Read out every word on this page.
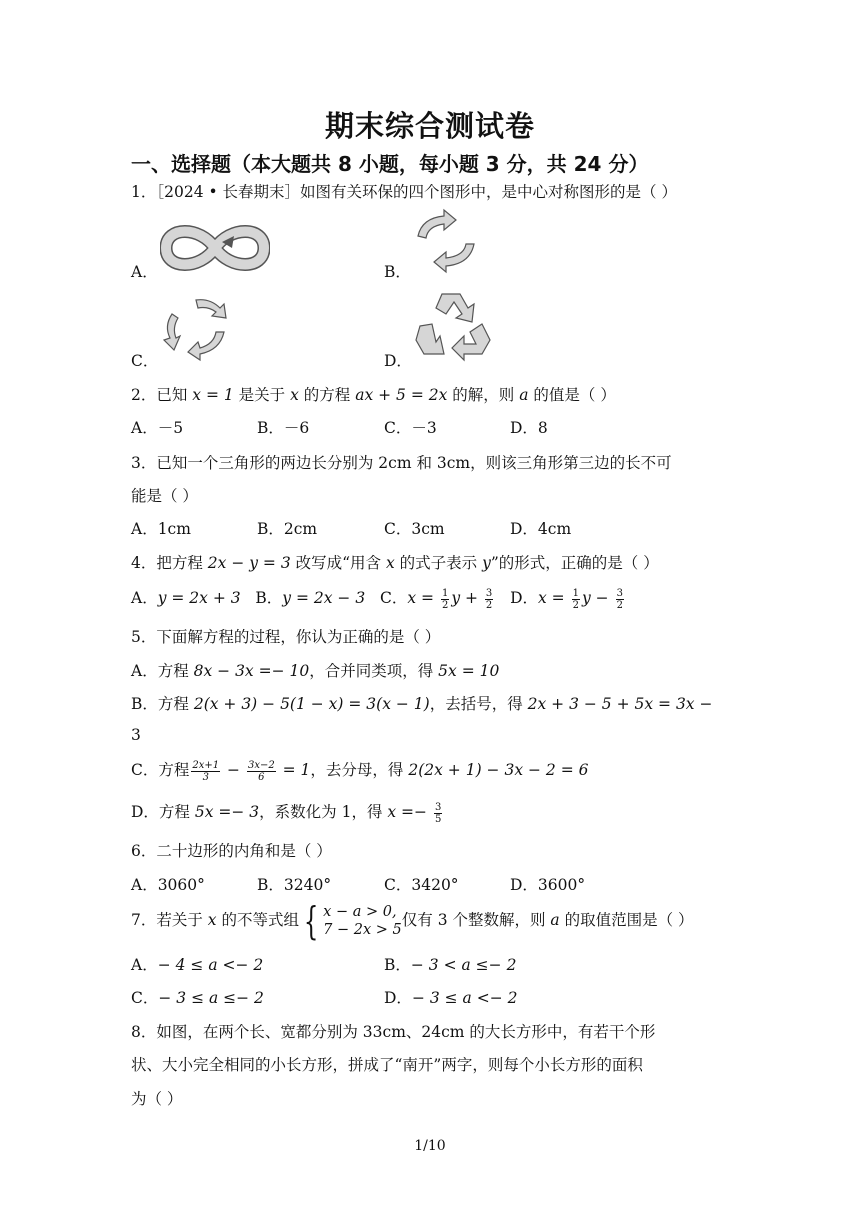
期末综合测试卷
一、选择题（本大题共 8 小题，每小题 3 分，共 24 分）
1．［2024 • 长春期末］如图有关环保的四个图形中，是中心对称图形的是（ ）
A．	B．
C．	D．
2．已知 x = 1 是关于 x 的方程 ax + 5 = 2x 的解，则 a 的值是（ ）
A．－5	B．－6	C．－3	D．8
3．已知一个三角形的两边长分别为 2cm 和 3cm，则该三角形第三边的长不可
能是（ ）
A．1cm	B．2cm	C．3cm	D．4cm
4．把方程 2x − y = 3 改写成“用含 x 的式子表示 y”的形式，正确的是（ ）
A．y = 2x + 3 B．y = 2x − 3 C．$x = \frac{1}{2}$ $y + \frac{3}{2}$ D．$x = \frac{1}{2}$ $y - \frac{3}{2}$
5．下面解方程的过程，你认为正确的是（ ）
A．方程 8x − 3x =− 10，合并同类项，得 5x = 10
B．方程 2(x + 3) − 5(1 − x) = 3(x − 1)，去括号，得 2x + 3 − 5 + 5x = 3x −
3
C．方程 $\frac{2x+1}{3} - \frac{3x-2}{6} = 1$，去分母，得 2(2x + 1) − 3x − 2 = 6
D．方程 5x =− 3，系数化为 1，得 $x =- \frac{3}{5}$
6．二十边形的内角和是（ ）
A．3060°	B．3240°	C．3420°	D．3600°
7．若关于 x 的不等式组 { x − a > 0,
7 − 2x > 5
仅有 3 个整数解，则 a 的取值范围是（ ）
A．− 4 ≤ a <− 2	B．− 3 < a ≤− 2
C．− 3 ≤ a ≤− 2	D．− 3 ≤ a <− 2
8．如图，在两个长、宽都分别为 33cm、24cm 的大长方形中，有若干个形
状、大小完全相同的小长方形，拼成了“南开”两字，则每个小长方形的面积
为（ ）
1/10
